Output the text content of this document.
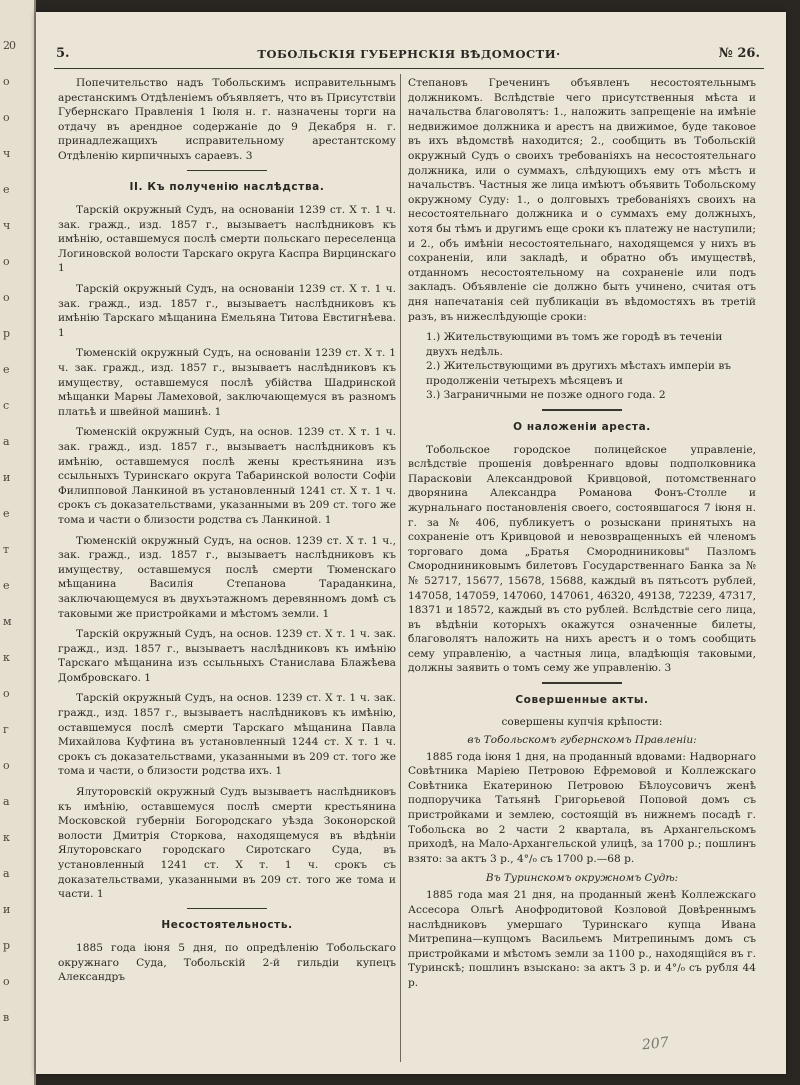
20
о
о
ч
е
ч
о
о
р
е
с
а
и
е
т
е
м
к
о
г
о
а
к
а
и
р
о
в
5.	ТОБОЛЬСКIЯ ГУБЕРНСКIЯ ВѢДОМОСТИ·	№ 26.

Попечительство надъ Тобольскимъ исправительнымъ арестанскимъ Отдѣленiемъ объявляетъ, что въ Присутствiи Губернскаго Правленiя 1 Iюля н. г. назначены торги на отдачу въ арендное содержанiе до 9 Декабря н. г. принадлежащихъ исправительному арестантскому Отдѣленiю кирпичныхъ сараевъ. 3

II. Къ полученiю наслѣдства.

Тарскiй окружный Судъ, на основанiи 1239 ст. X т. 1 ч. зак. гражд., изд. 1857 г., вызываетъ наслѣдниковъ къ имѣнiю, оставшемуся послѣ смерти польскаго переселенца Логиновской волости Тарскаго округа Каспра Вирцинскаго 1

Тарскiй окружный Судъ, на основанiи 1239 ст. X т. 1 ч. зак. гражд., изд. 1857 г., вызываетъ наслѣдниковъ къ имѣнiю Тарскаго мѣщанина Емельяна Титова Евстигнѣева. 1

Тюменскiй окружный Судъ, на основанiи 1239 ст. X т. 1 ч. зак. гражд., изд. 1857 г., вызываетъ наслѣдниковъ къ имуществу, оставшемуся послѣ убiйства Шадринской мѣщанки Марѳы Ламеховой, заключающемуся въ разномъ платьѣ и швейной машинѣ. 1

Тюменскiй окружный Судъ, на основ. 1239 ст. X т. 1 ч. зак. гражд., изд. 1857 г., вызываетъ наслѣдниковъ къ имѣнiю, оставшемуся послѣ жены крестьянина изъ ссыльныхъ Туринскаго округа Табаринской волости Софiи Филипповой Ланкиной въ установленный 1241 ст. X т. 1 ч. срокъ съ доказательствами, указанными въ 209 ст. того же тома и части о близости родства съ Ланкиной. 1

Тюменскiй окружный Судъ, на основ. 1239 ст. X т. 1 ч., зак. гражд., изд. 1857 г., вызываетъ наслѣдниковъ къ имуществу, оставшемуся послѣ смерти Тюменскаго мѣщанина Василiя Степанова Тараданкина, заключающемуся въ двухъэтажномъ деревянномъ домѣ съ таковыми же пристройками и мѣстомъ земли. 1

Тарскiй окружный Судъ, на основ. 1239 ст. X т. 1 ч. зак. гражд., изд. 1857 г., вызываетъ наслѣдниковъ къ имѣнiю Тарскаго мѣщанина изъ ссыльныхъ Станислава Блажѣева Домбровскаго. 1

Тарскiй окружный Судъ, на основ. 1239 ст. X т. 1 ч. зак. гражд., изд. 1857 г., вызываетъ наслѣдниковъ къ имѣнiю, оставшемуся послѣ смерти Тарскаго мѣщанина Павла Михайлова Куфтина въ установленный 1244 ст. X т. 1 ч. срокъ съ доказательствами, указанными въ 209 ст. того же тома и части, о близости родства ихъ. 1

Ялуторовскiй окружный Судъ вызываетъ наслѣдниковъ къ имѣнiю, оставшемуся послѣ смерти крестьянина Московской губернiи Богородскаго уѣзда Зоконорской волости Дмитрiя Сторкова, находящемуся въ вѣдѣнiи Ялуторовскаго городскаго Сиротскаго Суда, въ установленный 1241 ст. X т. 1 ч. срокъ съ доказательствами, указанными въ 209 ст. того же тома и части. 1

Несостоятельность.

1885 года iюня 5 дня, по опредѣленiю Тобольскаго окружнаго Суда, Тобольскiй 2-й гильдiи купецъ Александръ

Степановъ Греченинъ объявленъ несостоятельнымъ должникомъ. Вслѣдствiе чего присутственныя мѣста и начальства благоволятъ: 1., наложить запрещенiе на имѣнiе недвижимое должника и арестъ на движимое, буде таковое въ ихъ вѣдомствѣ находится; 2., сообщить въ Тобольскiй окружный Судъ о своихъ требованiяхъ на несостоятельнаго должника, или о суммахъ, слѣдующихъ ему отъ мѣстъ и начальствъ. Частныя же лица имѣютъ объявить Тобольскому окружному Суду: 1., о долговыхъ требованiяхъ своихъ на несостоятельнаго должника и о суммахъ ему должныхъ, хотя бы тѣмъ и другимъ еще сроки къ платежу не наступили; и 2., объ имѣнiи несостоятельнаго, находящемся у нихъ въ сохраненiи, или закладѣ, и обратно объ имуществѣ, отданномъ несостоятельному на сохраненiе или подъ закладъ. Объявленiе сiе должно быть учинено, считая отъ дня напечатанiя сей публикацiи въ вѣдомостяхъ въ третiй разъ, въ нижеслѣдующiе сроки:

1.) Жительствующими въ томъ же городѣ въ теченiи двухъ недѣль.

2.) Жительствующими въ другихъ мѣстахъ имперiи въ продолженiи четырехъ мѣсяцевъ и

3.) Заграничными не позже одного года. 2

О наложенiи ареста.

Тобольское городское полицейское управленiе, вслѣдствiе прошенiя довѣреннаго вдовы подполковника Парасковiи Александровой Кривцовой, потомственнаго дворянина Александра Романова Фонъ-Столле и журнальнаго постановленiя своего, состоявшагося 7 iюня н. г. за № 406, публикуетъ о розыскани принятыхъ на сохраненiе отъ Кривцовой и невозвращенныхъ ей членомъ торговаго дома „Братья Смородниниковы" Пазломъ Смородниниковымъ билетовъ Государственнаго Банка за №№ 52717, 15677, 15678, 15688, каждый въ пятьсотъ рублей, 147058, 147059, 147060, 147061, 46320, 49138, 72239, 47317, 18371 и 18572, каждый въ сто рублей. Вслѣдствiе сего лица, въ вѣдѣнiи которыхъ окажутся означенные билеты, благоволятъ наложить на нихъ арестъ и о томъ сообщить сему управленiю, а частныя лица, владѣющiя таковыми, должны заявить о томъ сему же управленiю. 3

Совершенные акты.
совершены купчiя крѣпости:
въ Тобольскомъ губернскомъ Правленiи:

1885 года iюня 1 дня, на проданный вдовами: Надворнаго Совѣтника Марiею Петровою Ефремовой и Коллежскаго Совѣтника Екатериною Петровою Бѣлоусовичъ женѣ подпоручика Татьянѣ Григорьевой Поповой домъ съ пристройками и землею, состоящiй въ нижнемъ посадѣ г. Тобольска во 2 части 2 квартала, въ Архангельскомъ приходѣ, на Мало-Архангельской улицѣ, за 1700 р.; пошлинъ взято: за актъ 3 р., 4°/₀ съ 1700 р.—68 р.

Въ Туринскомъ окружномъ Судѣ:

1885 года мая 21 дня, на проданный женѣ Коллежскаго Ассесора Ольгѣ Анофродитовой Козловой Довѣреннымъ наслѣдниковъ умершаго Туринскаго купца Ивана Митрепина—купцомъ Васильемъ Митрепинымъ домъ съ пристройками и мѣстомъ земли за 1100 р., находящiйся въ г. Туринскѣ; пошлинъ взыскано: за актъ 3 р. и 4°/₀ съ рубля 44 р.

207
